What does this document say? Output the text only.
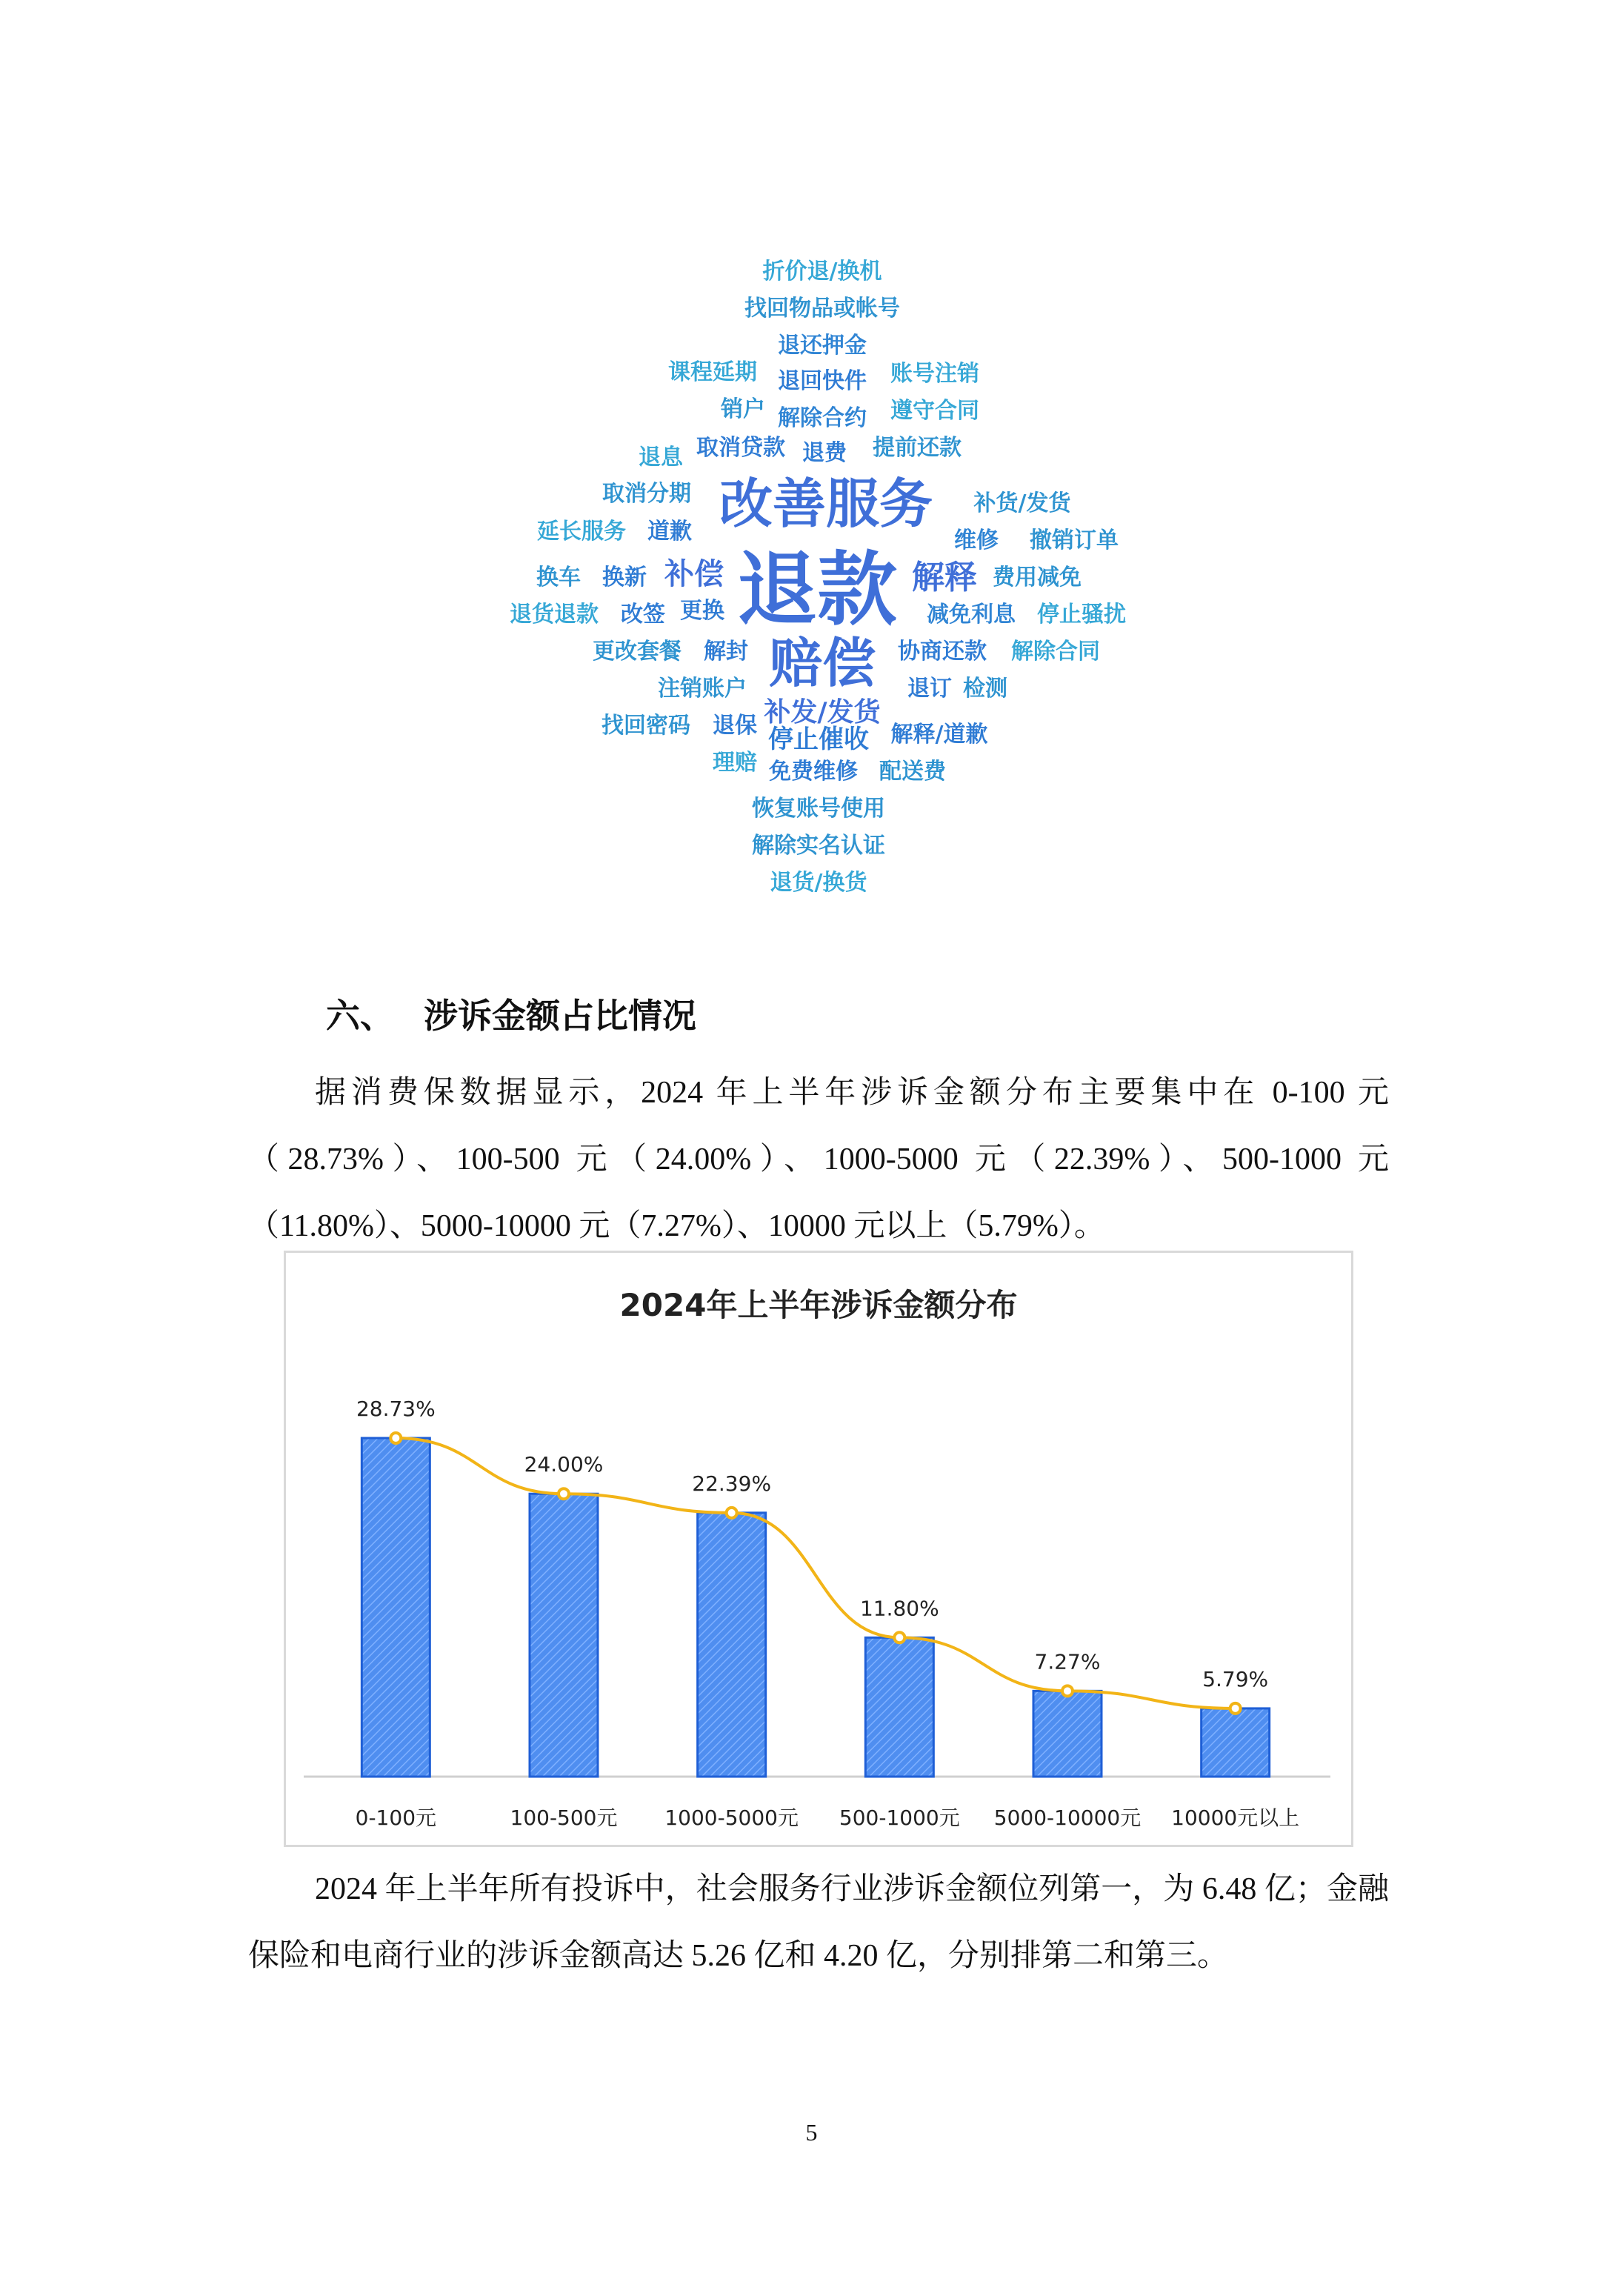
折价退/换机
找回物品或帐号
退还押金
课程延期 退回快件 账号注销
销户 解除合约 遵守合同
退息 取消贷款 退费 提前还款
取消分期 改善服务 补货/发货
延长服务 道歉	维修 撤销订单
换车 换新 补偿 退款 解释 费用减免
退货退款 改签 更换	减免利息 停止骚扰
更改套餐 解封 赔偿 协商还款 解除合同
注销账户	退订 检测
补发/发货
找回密码 退保 停止催收 解释/道歉
理赔 免费维修 配送费
恢复账号使用
解除实名认证
退货/换货
六、 涉诉金额占比情况
据消费保数据显示，2024 年上半年涉诉金额分布主要集中在 0-100 元（28.73%）、100-500 元（24.00%）、1000-5000 元（22.39%）、500-1000 元（11.80%）、5000-10000 元（7.27%）、10000 元以上（5.79%）。
2024年上半年涉诉金额分布
28.73%
0-100元
24.00%
100-500元
22.39%
1000-5000元
11.80%
500-1000元
7.27%
5000-10000元
5.79%
10000元以上
2024 年上半年所有投诉中，社会服务行业涉诉金额位列第一，为 6.48 亿；金融保险和电商行业的涉诉金额高达 5.26 亿和 4.20 亿，分别排第二和第三。
5
